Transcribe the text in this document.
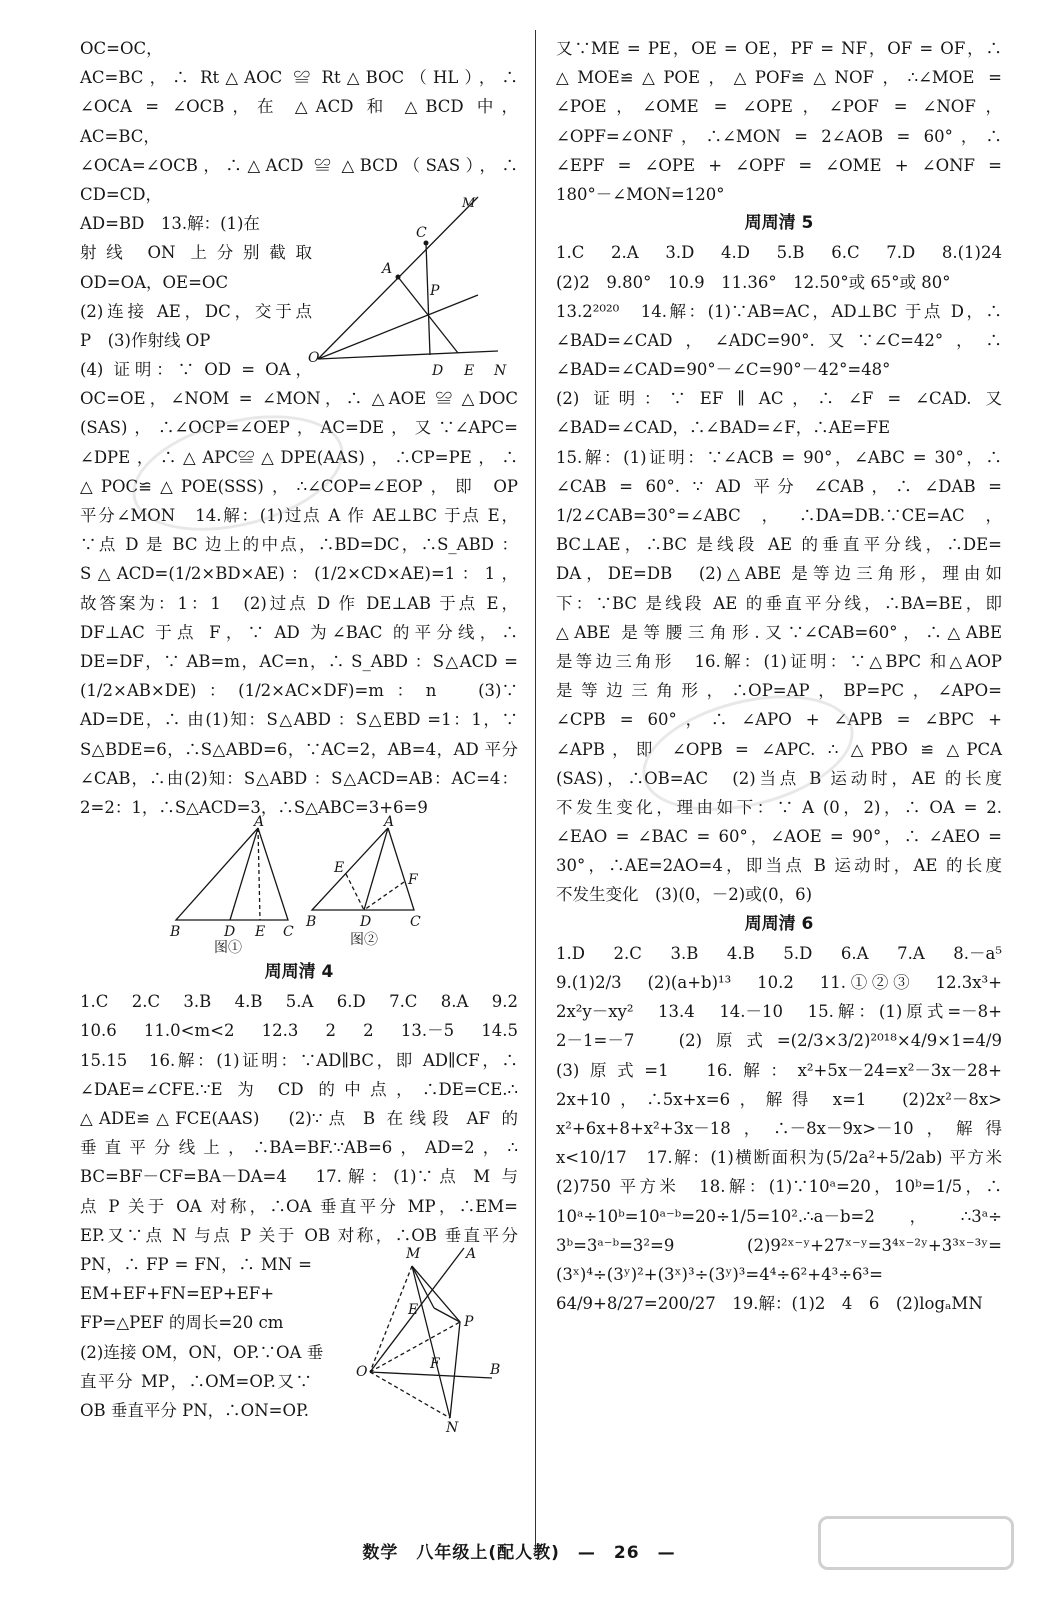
OC=OC，
AC=BC，∴ Rt△AOC ≌ Rt△BOC（HL），∴
∠OCA = ∠OCB，在 △ACD 和 △BCD 中，
AC=BC，
∠OCA=∠OCB，∴△ACD ≌ △BCD（SAS），∴
CD=CD，
AD=BD　13.解：(1)在
射线 ON 上分别截取
OD=OA，OE=OC
(2)连接 AE，DC，交于点
P　(3)作射线 OP
(4) 证明：∵ OD = OA，
O
A
C
P
D E N
M
OC=OE，∠NOM = ∠MON，∴ △AOE ≌ △DOC
(SAS)，∴∠OCP=∠OEP，AC=DE，又∵∠APC=
∠DPE，∴△APC≌△DPE(AAS)，∴CP=PE，∴
△POC≌△POE(SSS)，∴∠COP=∠EOP，即 OP
平分∠MON　14.解：(1)过点 A 作 AE⊥BC 于点 E，
∵点 D 是 BC 边上的中点，∴BD=DC，∴S_ABD ：
S△ACD=(1/2×BD×AE)：(1/2×CD×AE)=1：1，
故答案为：1：1　(2)过点 D 作 DE⊥AB 于点 E，
DF⊥AC 于点 F，∵ AD 为∠BAC 的平分线，∴
DE=DF，∵ AB=m，AC=n，∴ S_ABD ：S△ACD =
(1/2×AB×DE)：(1/2×AC×DF)=m：n　(3)∵
AD=DE，∴ 由(1)知：S△ABD ：S△EBD =1：1，∵
S△BDE=6，∴S△ABD=6，∵AC=2，AB=4，AD 平分
∠CAB，∴由(2)知：S△ABD ：S△ACD=AB：AC=4：
2=2：1，∴S△ACD=3，∴S△ABC=3+6=9
A
B	D E C
图①
A
E
F
B	D	C
图②
周周清 4
1.C　2.C　3.B　4.B　5.A　6.D　7.C　8.A　9.2
10.6　11.0<m<2　12.3　2　2　13.－5　14.5
15.15　16.解：(1)证明：∵AD∥BC，即 AD∥CF，∴
∠DAE=∠CFE.∵E 为 CD 的中点，∴DE=CE.∴
△ADE≌△FCE(AAS)　(2)∵点 B 在线段 AF 的
垂直平分线上，∴BA=BF.∵AB=6，AD=2，∴
BC=BF－CF=BA－DA=4　17.解：(1)∵点 M 与
点 P 关于 OA 对称，∴OA 垂直平分 MP，∴EM=
EP.又∵点 N 与点 P 关于 OB 对称，∴OB 垂直平分
PN，∴ FP = FN，∴ MN =
EM+EF+FN=EP+EF+
FP=△PEF 的周长=20 cm
(2)连接 OM，ON，OP.∵OA 垂
直平分 MP，∴OM=OP.又∵
OB 垂直平分 PN，∴ON=OP.
M	A
P
E
F
O	B
N
又∵ME = PE，OE = OE，PF = NF，OF = OF，∴
△MOE≌△POE，△POF≌△NOF，∴∠MOE =
∠POE，∠OME = ∠OPE，∠POF = ∠NOF，
∠OPF=∠ONF，∴∠MON = 2∠AOB = 60°，∴
∠EPF = ∠OPE + ∠OPF = ∠OME + ∠ONF =
180°－∠MON=120°
周周清 5
1.C　2.A　3.D　4.D　5.B　6.C　7.D　8.(1)24
(2)2　9.80°　10.9　11.36°　12.50°或 65°或 80°
13.2²⁰²⁰　14.解：(1)∵AB=AC，AD⊥BC 于点 D，∴
∠BAD=∠CAD，∠ADC=90°.又∵∠C=42°，∴
∠BAD=∠CAD=90°－∠C=90°－42°=48°
(2) 证明：∵ EF ∥ AC，∴ ∠F = ∠CAD. 又
∠BAD=∠CAD，∴∠BAD=∠F，∴AE=FE
15.解：(1)证明：∵∠ACB = 90°，∠ABC = 30°，∴
∠CAB = 60°. ∵ AD 平分 ∠CAB，∴ ∠DAB =
1/2∠CAB=30°=∠ABC，∴DA=DB.∵CE=AC，
BC⊥AE，∴BC 是线段 AE 的垂直平分线，∴DE=
DA，DE=DB　(2)△ABE 是等边三角形，理由如
下：∵BC 是线段 AE 的垂直平分线，∴BA=BE，即
△ABE 是等腰三角形.又∵∠CAB=60°，∴△ABE
是等边三角形　16.解：(1)证明：∵△BPC 和△AOP
是等边三角形，∴OP=AP，BP=PC，∠APO=
∠CPB = 60°，∴ ∠APO + ∠APB = ∠BPC +
∠APB，即 ∠OPB = ∠APC. ∴ △PBO ≌ △PCA
(SAS)，∴OB=AC　(2)当点 B 运动时，AE 的长度
不发生变化，理由如下：∵ A (0，2)，∴ OA = 2.
∠EAO = ∠BAC = 60°，∠AOE = 90°，∴ ∠AEO =
30°，∴AE=2AO=4，即当点 B 运动时，AE 的长度
不发生变化　(3)(0，－2)或(0，6)
周周清 6
1.D　2.C　3.B　4.B　5.D　6.A　7.A　8.－a⁵
9.(1)2/3　(2)(a+b)¹³　10.2　11.①②③　12.3x³+
2x²y－xy²　13.4　14.－10　15.解：(1)原式=－8+
2－1=－7　(2)原式=(2/3×3/2)²⁰¹⁸×4/9×1=4/9
(3)原式=1　16.解：x²+5x－24=x²－3x－28+
2x+10，∴5x+x=6，解得 x=1　(2)2x²－8x>
x²+6x+8+x²+3x－18，∴－8x－9x>－10，解得
x<10/17　17.解：(1)横断面积为(5/2a²+5/2ab) 平方米
(2)750 平方米　18.解：(1)∵10ᵃ=20，10ᵇ=1/5，∴
10ᵃ÷10ᵇ=10ᵃ⁻ᵇ=20÷1/5=10².∴a－b=2，∴3ᵃ÷
3ᵇ=3ᵃ⁻ᵇ=3²=9　(2)9²ˣ⁻ʸ+27ˣ⁻ʸ=3⁴ˣ⁻²ʸ+3³ˣ⁻³ʸ=
(3ˣ)⁴÷(3ʸ)²+(3ˣ)³÷(3ʸ)³=4⁴÷6²+4³÷6³=
64/9+8/27=200/27　19.解：(1)2　4　6　(2)logₐMN
数学　八年级上(配人教)　—　26　—
